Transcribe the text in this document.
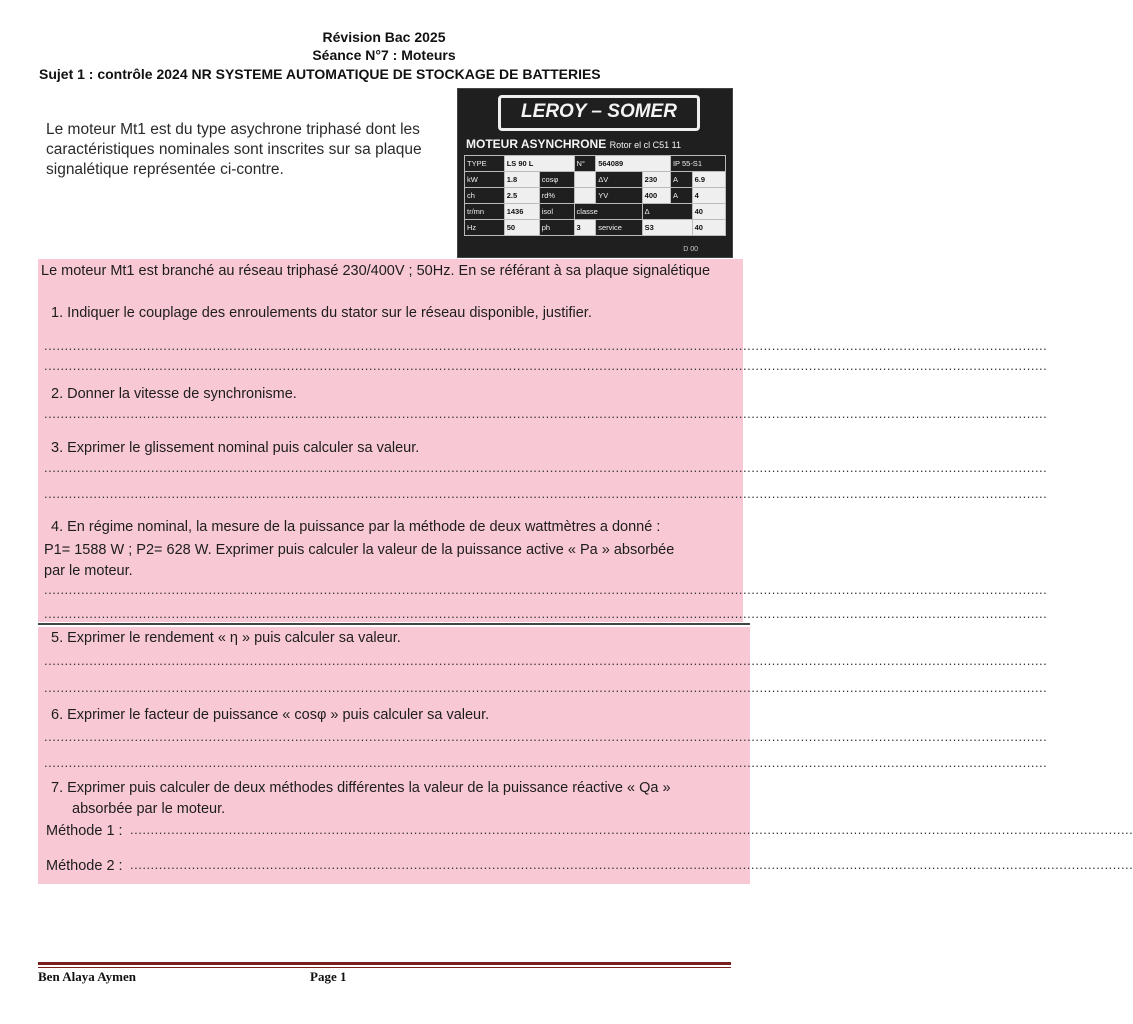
Révision Bac 2025
Séance N°7 : Moteurs
Sujet 1 : contrôle 2024 NR SYSTEME AUTOMATIQUE DE STOCKAGE DE BATTERIES
Le moteur Mt1 est du type asychrone triphasé dont les caractéristiques nominales sont inscrites sur sa plaque signalétique représentée ci-contre.
LEROY – SOMER
MOTEUR ASYNCHRONE Rotor el cl C51 11
TYPE	LS 90 L		N°	564089		IP 55-S1	
kW	1.8	cosφ		ΔV	230	A	6.9
ch	2.5	rd%		YV	400	A	4
tr/mn	1436	isol	classe		Δ		40
Hz	50	ph	3	service	S3		40
D 00
Le moteur Mt1 est branché au réseau triphasé 230/400V ; 50Hz. En se référant à sa plaque signalétique
1. Indiquer le couplage des enroulements du stator sur le réseau disponible, justifier.
....................................................................................................................................................................................................................................................
....................................................................................................................................................................................................................................................
2. Donner la vitesse de synchronisme.
....................................................................................................................................................................................................................................................
3. Exprimer le glissement nominal puis calculer sa valeur.
....................................................................................................................................................................................................................................................
....................................................................................................................................................................................................................................................
4. En régime nominal, la mesure de la puissance par la méthode de deux wattmètres a donné :
P1= 1588 W ; P2= 628 W. Exprimer puis calculer la valeur de la puissance active « Pa » absorbée
par le moteur.
....................................................................................................................................................................................................................................................
....................................................................................................................................................................................................................................................
5. Exprimer le rendement « η » puis calculer sa valeur.
....................................................................................................................................................................................................................................................
....................................................................................................................................................................................................................................................
6. Exprimer le facteur de puissance « cosφ » puis calculer sa valeur.
....................................................................................................................................................................................................................................................
....................................................................................................................................................................................................................................................
7. Exprimer puis calculer de deux méthodes différentes la valeur de la puissance réactive « Qa »
absorbée par le moteur.
Méthode 1 : ....................................................................................................................................................................................................................................................
Méthode 2 : ....................................................................................................................................................................................................................................................
Ben Alaya Aymen	Page 1
